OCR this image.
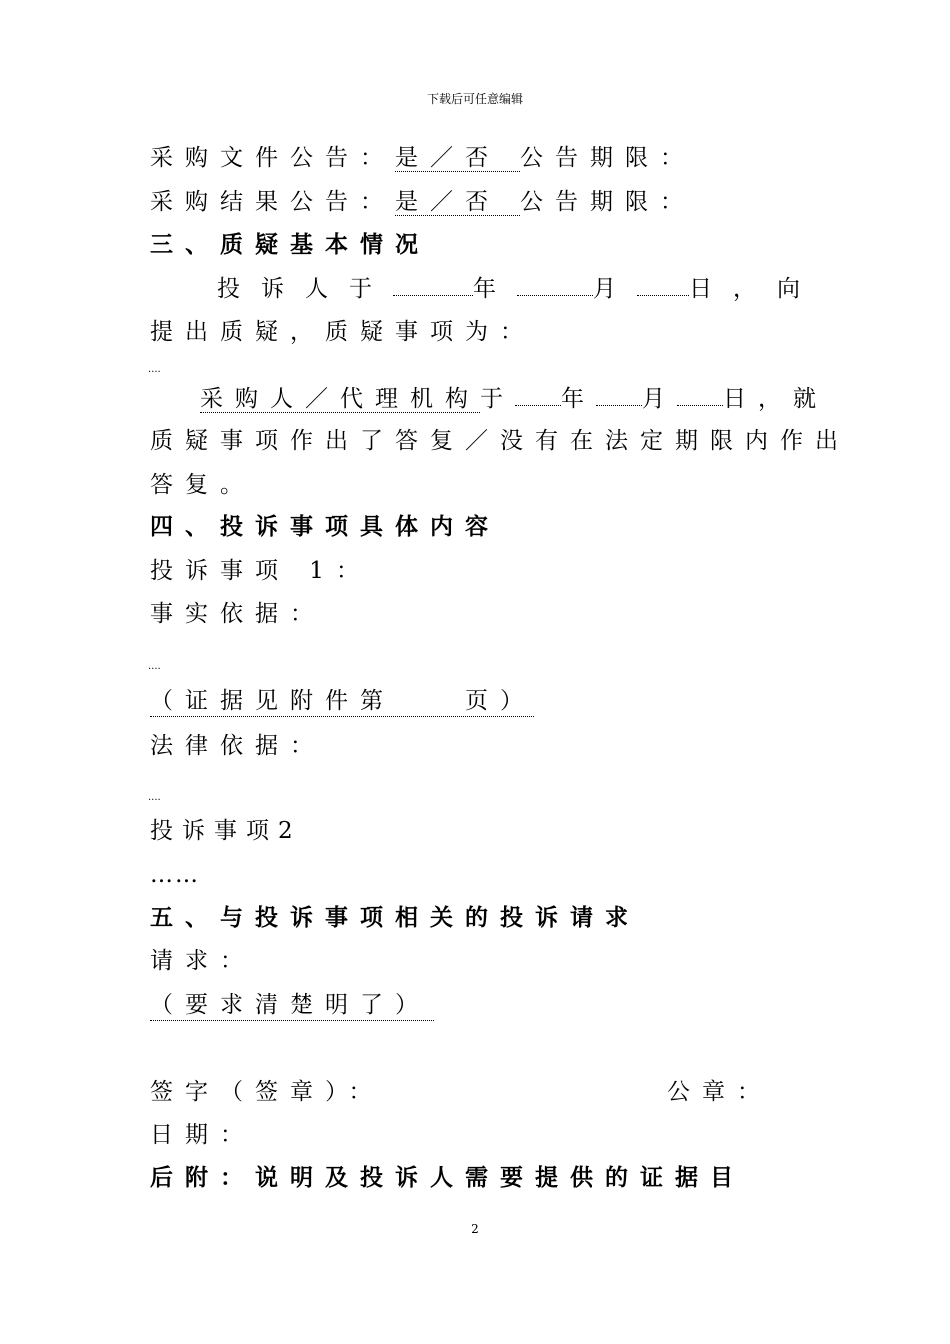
下载后可任意编辑
采购文件公告：是／否 公告期限：
采购结果公告：是／否 公告期限：
三、质疑基本情况
投诉人于	年	月 日，向
提出质疑，质疑事项为：
....
采购人／代理机构于 年 月 日，就
质疑事项作出了答复／没有在法定期限内作出
答复。
四、投诉事项具体内容
投诉事项 1：
事实依据：
....
（证据见附件第　　页）
法律依据：
....
投诉事项2
……
五、与投诉事项相关的投诉请求
请求：
（要求清楚明了）
签字（签章）：	公章：
日期：
后附：说明及投诉人需要提供的证据目
2
